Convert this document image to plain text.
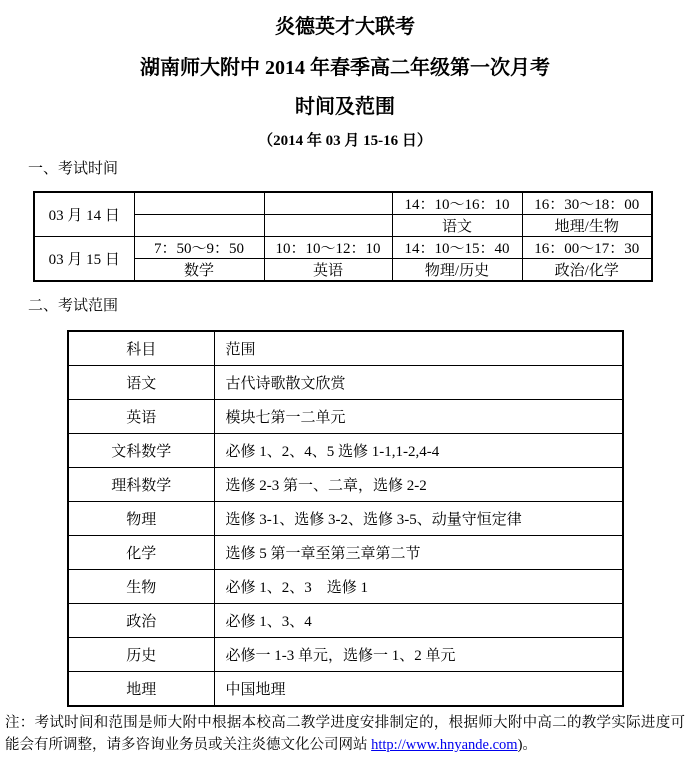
炎德英才大联考
湖南师大附中 2014 年春季高二年级第一次月考
时间及范围
（2014 年 03 月 15-16 日）
一、考试时间
03 月 14 日			14：10～16：10	16：30～18：00
			语文	地理/生物
03 月 15 日	7：50～9：50	10：10～12：10	14：10～15：40	16：00～17：30
	数学	英语	物理/历史	政治/化学
二、考试范围
科目	范围
语文	古代诗歌散文欣赏
英语	模块七第一二单元
文科数学	必修 1、2、4、5 选修 1-1,1-2,4-4
理科数学	选修 2-3 第一、二章，选修 2-2
物理	选修 3-1、选修 3-2、选修 3-5、动量守恒定律
化学	选修 5 第一章至第三章第二节
生物	必修 1、2、3　选修 1
政治	必修 1、3、4
历史	必修一 1-3 单元，选修一 1、2 单元
地理	中国地理
注：考试时间和范围是师大附中根据本校高二教学进度安排制定的，根据师大附中高二的教学实际进度可能会有所调整，请多咨询业务员或关注炎德文化公司网站 http://www.hnyande.com)。
